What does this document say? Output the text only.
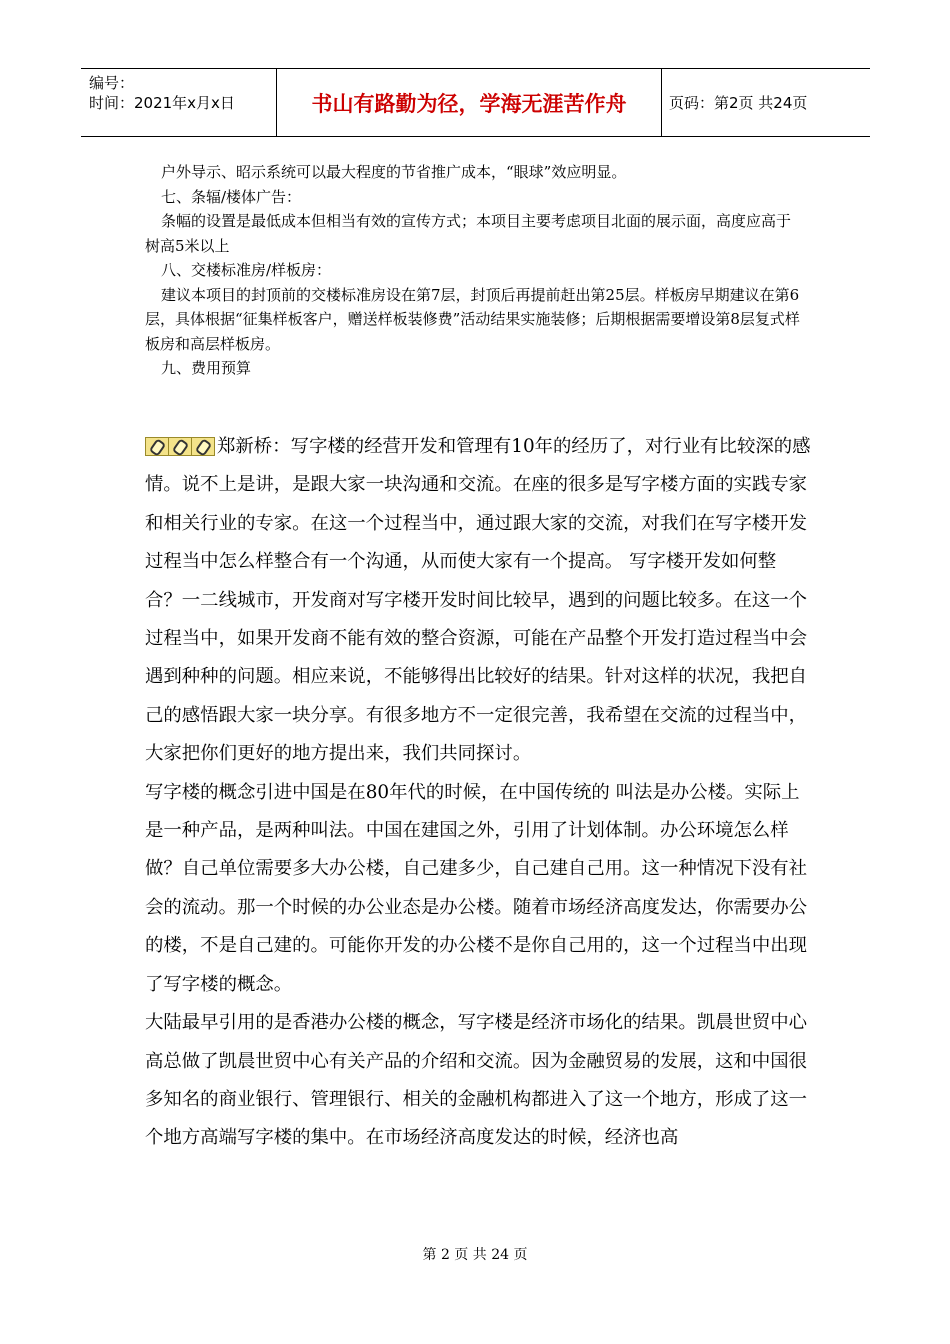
编号：
时间：2021年x月x日	书山有路勤为径，学海无涯苦作舟	页码：第2页 共24页

户外导示、昭示系统可以最大程度的节省推广成本，“眼球”效应明显。

七、条辐/楼体广告：

条幅的设置是最低成本但相当有效的宣传方式；本项目主要考虑项目北面的展示面，高度应高于树高5米以上

八、交楼标准房/样板房：

建议本项目的封顶前的交楼标准房设在第7层，封顶后再提前赶出第25层。样板房早期建议在第6层，具体根据“征集样板客户，赠送样板装修费”活动结果实施装修；后期根据需要增设第8层复式样板房和高层样板房。

九、费用预算

郑新桥：写字楼的经营开发和管理有10年的经历了，对行业有比较深的感情。说不上是讲，是跟大家一块沟通和交流。在座的很多是写字楼方面的实践专家和相关行业的专家。在这一个过程当中，通过跟大家的交流，对我们在写字楼开发过程当中怎么样整合有一个沟通，从而使大家有一个提高。 写字楼开发如何整合？一二线城市，开发商对写字楼开发时间比较早，遇到的问题比较多。在这一个过程当中，如果开发商不能有效的整合资源，可能在产品整个开发打造过程当中会遇到种种的问题。相应来说，不能够得出比较好的结果。针对这样的状况，我把自己的感悟跟大家一块分享。有很多地方不一定很完善，我希望在交流的过程当中，大家把你们更好的地方提出来，我们共同探讨。

写字楼的概念引进中国是在80年代的时候，在中国传统的 叫法是办公楼。实际上是一种产品，是两种叫法。中国在建国之外，引用了计划体制。办公环境怎么样做？自己单位需要多大办公楼，自己建多少，自己建自己用。这一种情况下没有社会的流动。那一个时候的办公业态是办公楼。随着市场经济高度发达，你需要办公的楼，不是自己建的。可能你开发的办公楼不是你自己用的，这一个过程当中出现了写字楼的概念。

大陆最早引用的是香港办公楼的概念，写字楼是经济市场化的结果。凯晨世贸中心高总做了凯晨世贸中心有关产品的介绍和交流。因为金融贸易的发展，这和中国很多知名的商业银行、管理银行、相关的金融机构都进入了这一个地方，形成了这一个地方高端写字楼的集中。在市场经济高度发达的时候，经济也高

第 2 页 共 24 页
